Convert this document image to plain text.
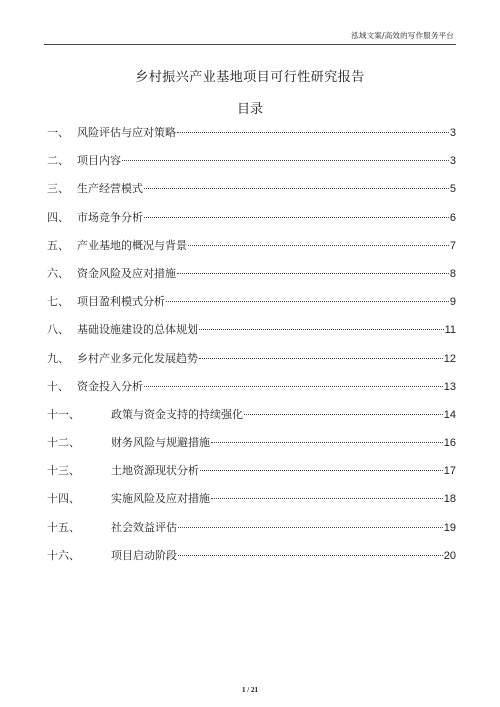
泓域文案/高效的写作服务平台
乡村振兴产业基地项目可行性研究报告
目录
一、 风险评估与应对策略	3
二、 项目内容	3
三、 生产经营模式	5
四、 市场竞争分析	6
五、 产业基地的概况与背景	7
六、 资金风险及应对措施	8
七、 项目盈利模式分析	9
八、 基础设施建设的总体规划	11
九、 乡村产业多元化发展趋势	12
十、 资金投入分析	13
十一、	政策与资金支持的持续强化	14
十二、	财务风险与规避措施	16
十三、	土地资源现状分析	17
十四、	实施风险及应对措施	18
十五、	社会效益评估	19
十六、	项目启动阶段	20
1 / 21
